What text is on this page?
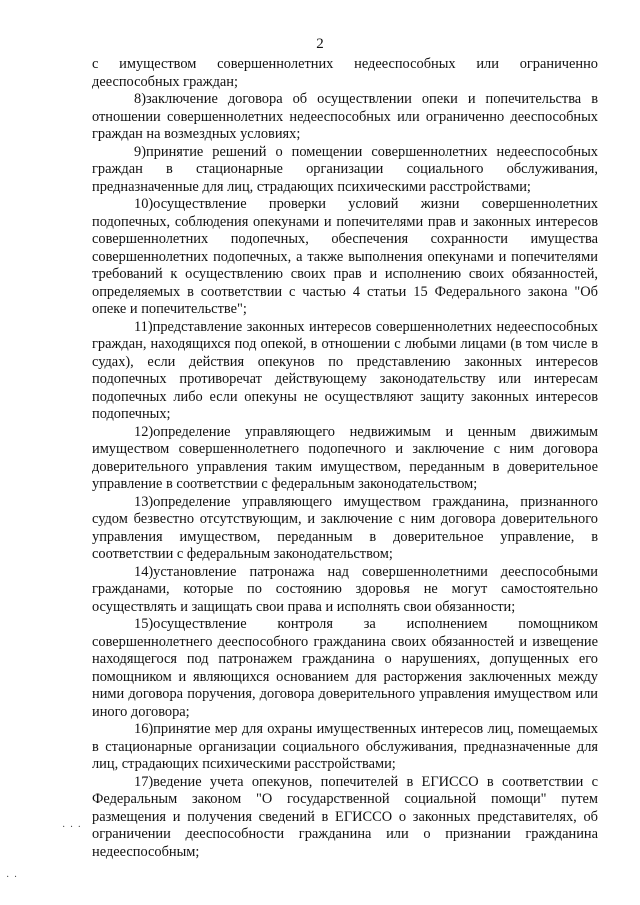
2

с имуществом совершеннолетних недееспособных или ограниченно дееспособных граждан;

8)заключение договора об осуществлении опеки и попечительства в отношении совершеннолетних недееспособных или ограниченно дееспособных граждан на возмездных условиях;

9)принятие решений о помещении совершеннолетних недееспособных граждан в стационарные организации социального обслуживания, предназначенные для лиц, страдающих психическими расстройствами;

10)осуществление проверки условий жизни совершеннолетних подопечных, соблюдения опекунами и попечителями прав и законных интересов совершеннолетних подопечных, обеспечения сохранности имущества совершеннолетних подопечных, а также выполнения опекунами и попечителями требований к осуществлению своих прав и исполнению своих обязанностей, определяемых в соответствии с частью 4 статьи 15 Федерального закона "Об опеке и попечительстве";

11)представление законных интересов совершеннолетних недееспособных граждан, находящихся под опекой, в отношении с любыми лицами (в том числе в судах), если действия опекунов по представлению законных интересов подопечных противоречат действующему законодательству или интересам подопечных либо если опекуны не осуществляют защиту законных интересов подопечных;

12)определение управляющего недвижимым и ценным движимым имуществом совершеннолетнего подопечного и заключение с ним договора доверительного управления таким имуществом, переданным в доверительное управление в соответствии с федеральным законодательством;

13)определение управляющего имуществом гражданина, признанного судом безвестно отсутствующим, и заключение с ним договора доверительного управления имуществом, переданным в доверительное управление, в соответствии с федеральным законодательством;

14)установление патронажа над совершеннолетними дееспособными гражданами, которые по состоянию здоровья не могут самостоятельно осуществлять и защищать свои права и исполнять свои обязанности;

15)осуществление контроля за исполнением помощником совершеннолетнего дееспособного гражданина своих обязанностей и извещение находящегося под патронажем гражданина о нарушениях, допущенных его помощником и являющихся основанием для расторжения заключенных между ними договора поручения, договора доверительного управления имуществом или иного договора;

16)принятие мер для охраны имущественных интересов лиц, помещаемых в стационарные организации социального обслуживания, предназначенные для лиц, страдающих психическими расстройствами;

17)ведение учета опекунов, попечителей в ЕГИССО в соответствии с Федеральным законом "О государственной социальной помощи" путем размещения и получения сведений в ЕГИССО о законных представителях, об ограничении дееспособности гражданина или о признании гражданина недееспособным;

· · ·
· ·
